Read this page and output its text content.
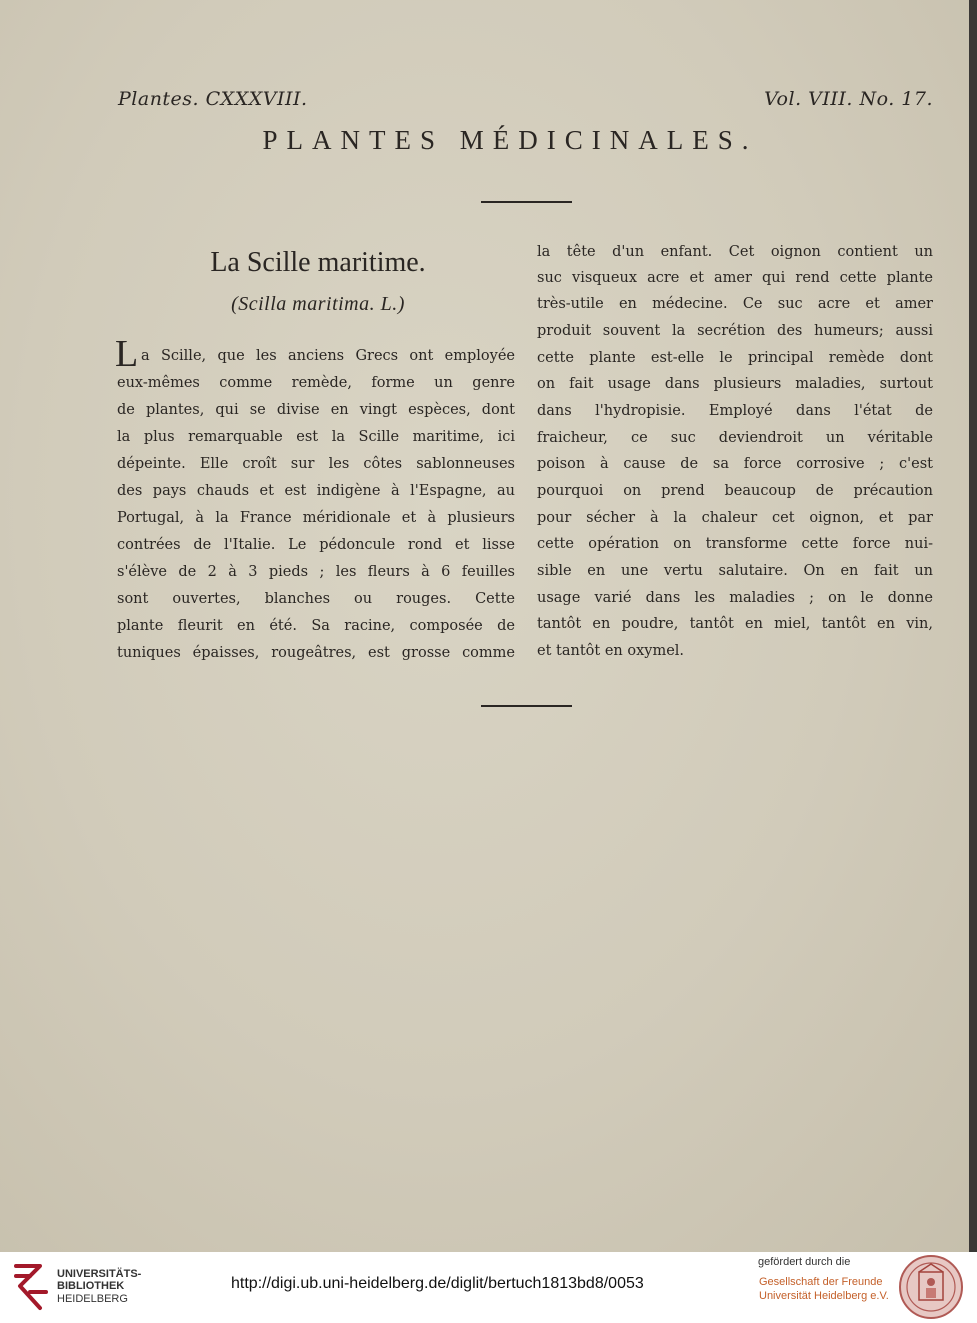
Plantes. CXXXVIII.	Vol. VIII. No. 17.
PLANTES MÉDICINALES.
La Scille maritime.
(Scilla maritima. L.)
L a Scille, que les anciens Grecs ont employée
eux-mêmes comme remède, forme un genre
de plantes, qui se divise en vingt espèces, dont
la plus remarquable est la Scille maritime, ici
dépeinte. Elle croît sur les côtes sablonneuses
des pays chauds et est indigène à l'Espagne, au
Portugal, à la France méridionale et à plusieurs
contrées de l'Italie. Le pédoncule rond et lisse
s'élève de 2 à 3 pieds ; les fleurs à 6 feuilles
sont ouvertes, blanches ou rouges. Cette
plante fleurit en été. Sa racine, composée de
tuniques épaisses, rougeâtres, est grosse comme
la tête d'un enfant. Cet oignon contient un
suc visqueux acre et amer qui rend cette plante
très-utile en médecine. Ce suc acre et amer
produit souvent la secrétion des humeurs; aussi
cette plante est-elle le principal remède dont
on fait usage dans plusieurs maladies, surtout
dans l'hydropisie. Employé dans l'état de
fraicheur, ce suc deviendroit un véritable
poison à cause de sa force corrosive ; c'est
pourquoi on prend beaucoup de précaution
pour sécher à la chaleur cet oignon, et par
cette opération on transforme cette force nui-
sible en une vertu salutaire. On en fait un
usage varié dans les maladies ; on le donne
tantôt en poudre, tantôt en miel, tantôt en vin,
et tantôt en oxymel.
UNIVERSITÄTS-
BIBLIOTHEK
HEIDELBERG
http://digi.ub.uni-heidelberg.de/diglit/bertuch1813bd8/0053
gefördert durch die
Gesellschaft der Freunde
Universität Heidelberg e.V.
